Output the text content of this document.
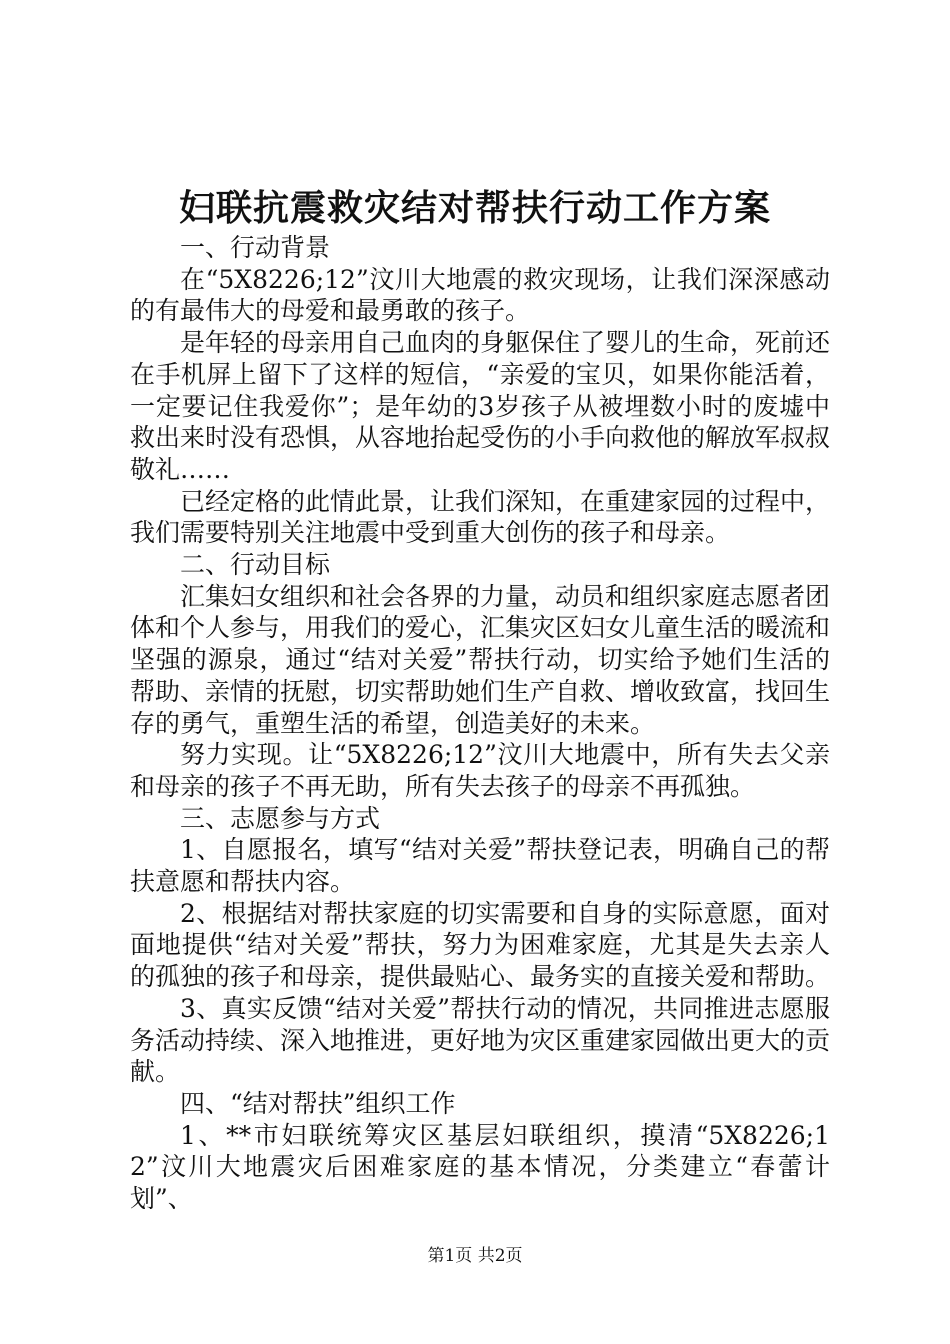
妇联抗震救灾结对帮扶行动工作方案

一、行动背景

在“5X8226;12”汶川大地震的救灾现场，让我们深深感动的有最伟大的母爱和最勇敢的孩子。

是年轻的母亲用自己血肉的身躯保住了婴儿的生命，死前还在手机屏上留下了这样的短信，“亲爱的宝贝，如果你能活着，一定要记住我爱你”；是年幼的3岁孩子从被埋数小时的废墟中救出来时没有恐惧，从容地抬起受伤的小手向救他的解放军叔叔敬礼……

已经定格的此情此景，让我们深知，在重建家园的过程中，我们需要特别关注地震中受到重大创伤的孩子和母亲。

二、行动目标

汇集妇女组织和社会各界的力量，动员和组织家庭志愿者团体和个人参与，用我们的爱心，汇集灾区妇女儿童生活的暖流和坚强的源泉，通过“结对关爱”帮扶行动，切实给予她们生活的帮助、亲情的抚慰，切实帮助她们生产自救、增收致富，找回生存的勇气，重塑生活的希望，创造美好的未来。

努力实现。让“5X8226;12”汶川大地震中，所有失去父亲和母亲的孩子不再无助，所有失去孩子的母亲不再孤独。

三、志愿参与方式

1、自愿报名，填写“结对关爱”帮扶登记表，明确自己的帮扶意愿和帮扶内容。

2、根据结对帮扶家庭的切实需要和自身的实际意愿，面对面地提供“结对关爱”帮扶，努力为困难家庭，尤其是失去亲人的孤独的孩子和母亲，提供最贴心、最务实的直接关爱和帮助。

3、真实反馈“结对关爱”帮扶行动的情况，共同推进志愿服务活动持续、深入地推进，更好地为灾区重建家园做出更大的贡献。

四、“结对帮扶”组织工作

1、**市妇联统筹灾区基层妇联组织，摸清“5X8226;12”汶川大地震灾后困难家庭的基本情况，分类建立“春蕾计划”、

第1页 共2页
